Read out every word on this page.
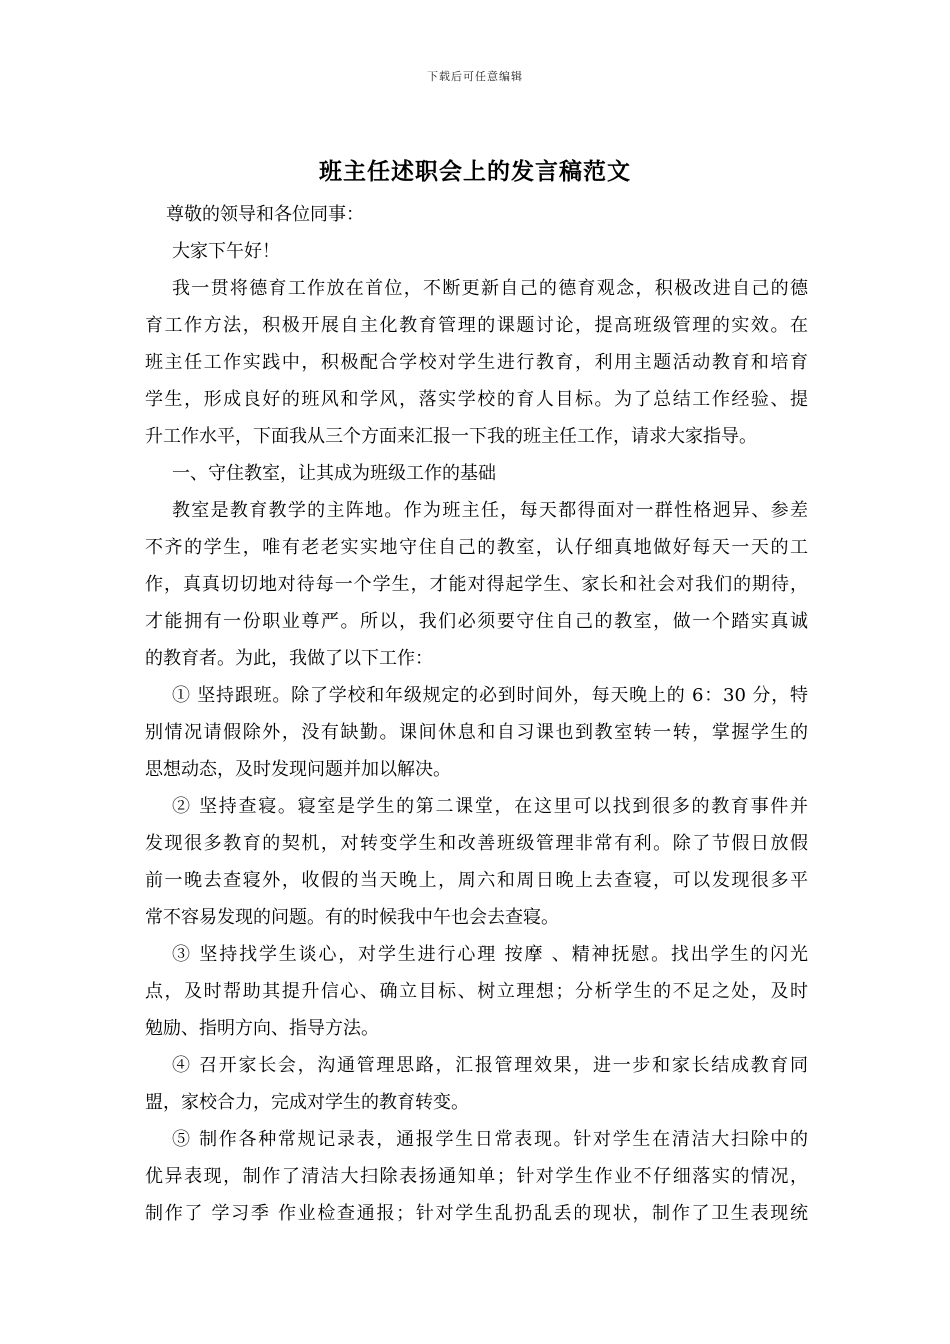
下载后可任意编辑
班主任述职会上的发言稿范文
尊敬的领导和各位同事：
大家下午好！
我一贯将德育工作放在首位，不断更新自己的德育观念，积极改进自己的德
育工作方法，积极开展自主化教育管理的课题讨论，提高班级管理的实效。在
班主任工作实践中，积极配合学校对学生进行教育，利用主题活动教育和培育
学生，形成良好的班风和学风，落实学校的育人目标。为了总结工作经验、提
升工作水平，下面我从三个方面来汇报一下我的班主任工作，请求大家指导。
一、守住教室，让其成为班级工作的基础
教室是教育教学的主阵地。作为班主任，每天都得面对一群性格迥异、参差
不齐的学生，唯有老老实实地守住自己的教室，认仔细真地做好每天一天的工
作，真真切切地对待每一个学生，才能对得起学生、家长和社会对我们的期待，
才能拥有一份职业尊严。所以，我们必须要守住自己的教室，做一个踏实真诚
的教育者。为此，我做了以下工作：
① 坚持跟班。除了学校和年级规定的必到时间外，每天晚上的 6：30 分，特
别情况请假除外，没有缺勤。课间休息和自习课也到教室转一转，掌握学生的
思想动态，及时发现问题并加以解决。
② 坚持查寝。寝室是学生的第二课堂，在这里可以找到很多的教育事件并
发现很多教育的契机，对转变学生和改善班级管理非常有利。除了节假日放假
前一晚去查寝外，收假的当天晚上，周六和周日晚上去查寝，可以发现很多平
常不容易发现的问题。有的时候我中午也会去查寝。
③ 坚持找学生谈心，对学生进行心理 按摩 、精神抚慰。找出学生的闪光
点，及时帮助其提升信心、确立目标、树立理想；分析学生的不足之处，及时
勉励、指明方向、指导方法。
④ 召开家长会，沟通管理思路，汇报管理效果，进一步和家长结成教育同
盟，家校合力，完成对学生的教育转变。
⑤ 制作各种常规记录表，通报学生日常表现。针对学生在清洁大扫除中的
优异表现，制作了清洁大扫除表扬通知单；针对学生作业不仔细落实的情况，
制作了 学习季 作业检查通报；针对学生乱扔乱丢的现状，制作了卫生表现统
